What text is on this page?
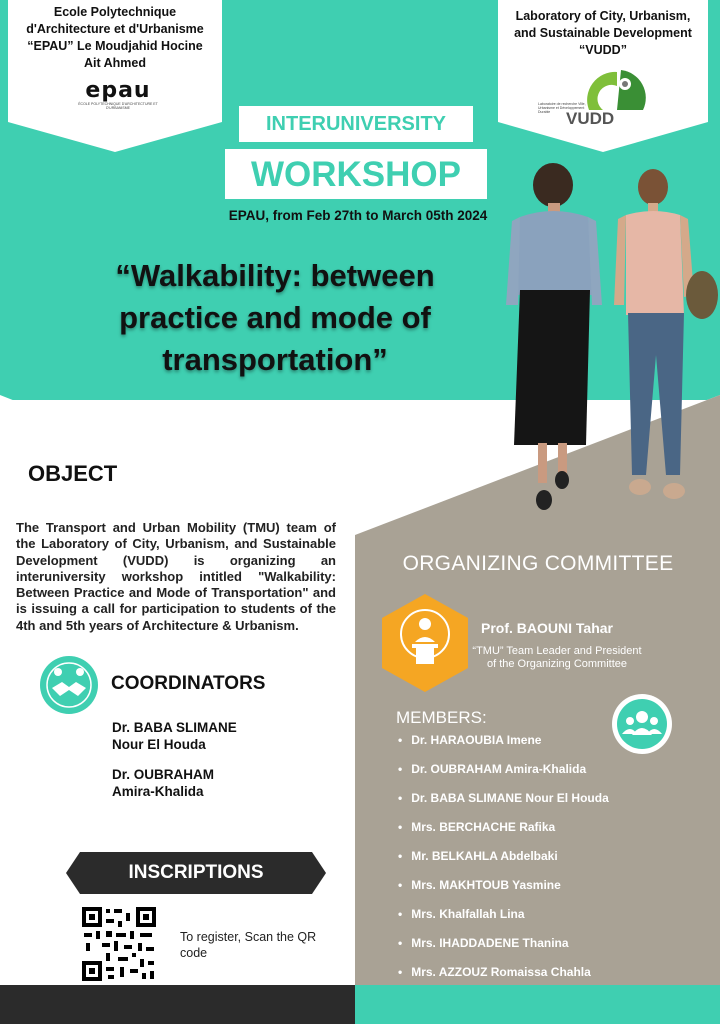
Ecole Polytechnique
d'Architecture et d'Urbanisme
“EPAU” Le Moudjahid Hocine
Ait Ahmed
epau
ÉCOLE POLYTECHNIQUE D'ARCHITECTURE ET D'URBANISME
Laboratory of City, Urbanism,
and Sustainable Development
“VUDD”
VUDD
Laboratoire de recherche Ville, Urbanisme et Développement Durable
INTERUNIVERSITY
WORKSHOP
EPAU, from Feb 27th to March 05th 2024
“Walkability: between practice and mode of transportation”
OBJECT
The Transport and Urban Mobility (TMU) team of the Laboratory of City, Urbanism, and Sustainable Development (VUDD) is organizing an interuniversity workshop intitled "Walkability: Between Practice and Mode of Transportation" and is issuing a call for participation to students of the 4th and 5th years of Architecture & Urbanism.
COORDINATORS
Dr. BABA SLIMANE
Nour El Houda
Dr. OUBRAHAM
Amira-Khalida
INSCRIPTIONS
To register, Scan the QR code
ORGANIZING COMMITTEE
Prof. BAOUNI Tahar
“TMU” Team Leader and President of the Organizing Committee
MEMBERS:
• Dr. HARAOUBIA Imene
• Dr. OUBRAHAM Amira-Khalida
• Dr. BABA SLIMANE Nour El Houda
• Mrs. BERCHACHE Rafika
• Mr. BELKAHLA Abdelbaki
• Mrs. MAKHTOUB Yasmine
• Mrs. Khalfallah Lina
• Mrs. IHADDADENE Thanina
• Mrs. AZZOUZ Romaissa Chahla
